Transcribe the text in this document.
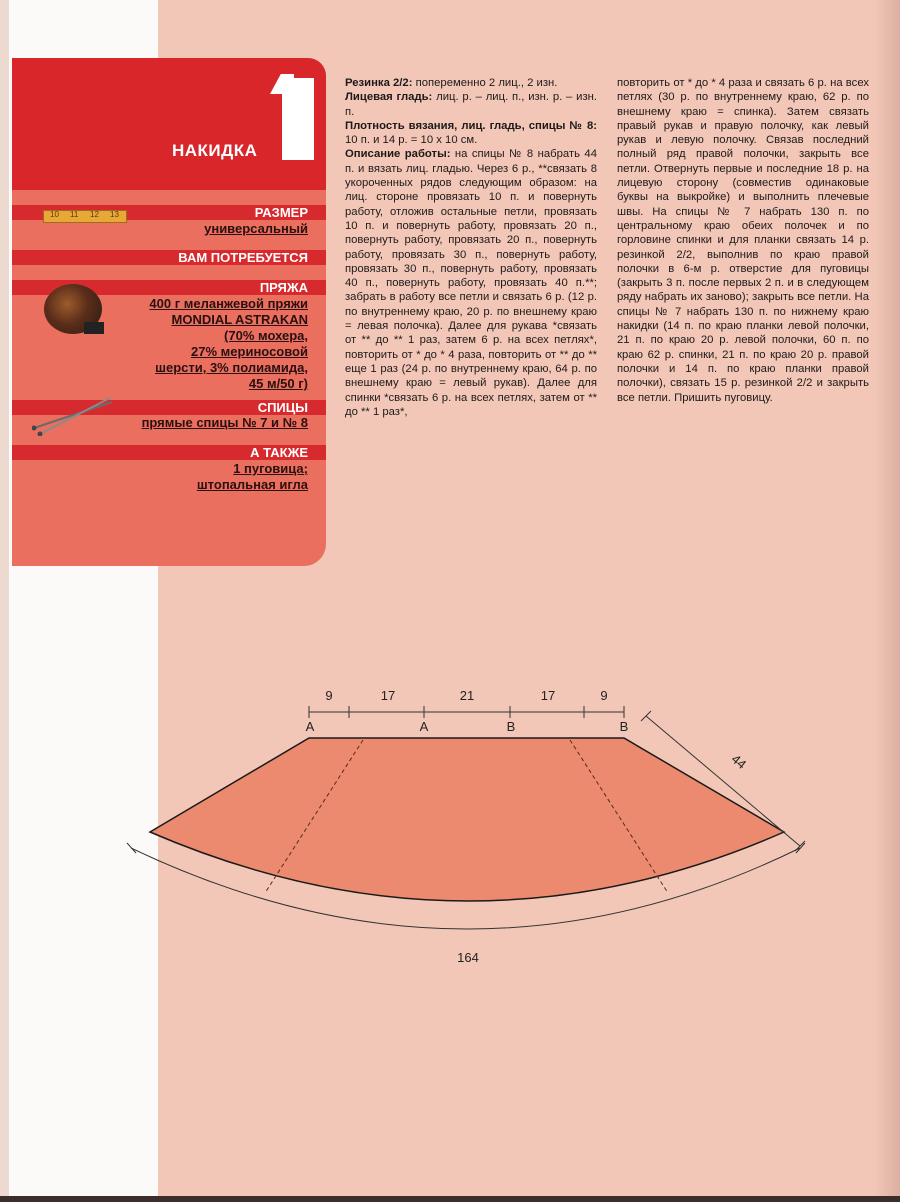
НАКИДКА
РАЗМЕР
10 11 12 13
универсальный
ВАМ ПОТРЕБУЕТСЯ
ПРЯЖА
400 г меланжевой пряжи
MONDIAL ASTRAKAN
(70% мохера,
27% мериносовой
шерсти, 3% полиамида,
45 м/50 г)
СПИЦЫ
прямые спицы № 7 и № 8
А ТАКЖЕ
1 пуговица;
штопальная игла
Резинка 2/2: попеременно 2 лиц., 2 изн.
Лицевая гладь: лиц. р. – лиц. п., изн. р. – изн. п.
Плотность вязания, лиц. гладь, спицы № 8: 10 п. и 14 р. = 10 х 10 см.
Описание работы: на спицы № 8 набрать 44 п. и вязать лиц. гладью. Через 6 р., **связать 8 укороченных рядов следующим образом: на лиц. стороне провязать 10 п. и повернуть работу, отложив остальные петли, провязать 10 п. и повернуть работу, провязать 20 п., повернуть работу, провязать 20 п., повернуть работу, провязать 30 п., повернуть работу, провязать 30 п., повернуть работу, провязать 40 п., повернуть работу, провязать 40 п.**; забрать в работу все петли и связать 6 р. (12 р. по внутреннему краю, 20 р. по внешнему краю = левая полочка). Далее для рукава *связать от ** до ** 1 раз, затем 6 р. на всех петлях*, повторить от * до * 4 раза, повторить от ** до ** еще 1 раз (24 р. по внутреннему краю, 64 р. по внешнему краю = левый рукав). Далее для спинки *связать 6 р. на всех петлях, затем от ** до ** 1 раз*,
повторить от * до * 4 раза и связать 6 р. на всех петлях (30 р. по внутреннему краю, 62 р. по внешнему краю = спинка). Затем связать правый рукав и правую полочку, как левый рукав и левую полочку. Связав последний полный ряд правой полочки, закрыть все петли. Отвернуть первые и последние 18 р. на лицевую сторону (совместив одинаковые буквы на выкройке) и выполнить плечевые швы. На спицы № 7 набрать 130 п. по центральному краю обеих полочек и по горловине спинки и для планки связать 14 р. резинкой 2/2, выполнив по краю правой полочки в 6-м р. отверстие для пуговицы (закрыть 3 п. после первых 2 п. и в следующем ряду набрать их заново); закрыть все петли. На спицы № 7 набрать 130 п. по нижнему краю накидки (14 п. по краю планки левой полочки, 21 п. по краю 20 р. левой полочки, 60 п. по краю 62 р. спинки, 21 п. по краю 20 р. правой полочки и 14 п. по краю планки правой полочки), связать 15 р. резинкой 2/2 и закрыть все петли. Пришить пуговицу.
9	17	21	17	9
A	A	B	B
44
164
